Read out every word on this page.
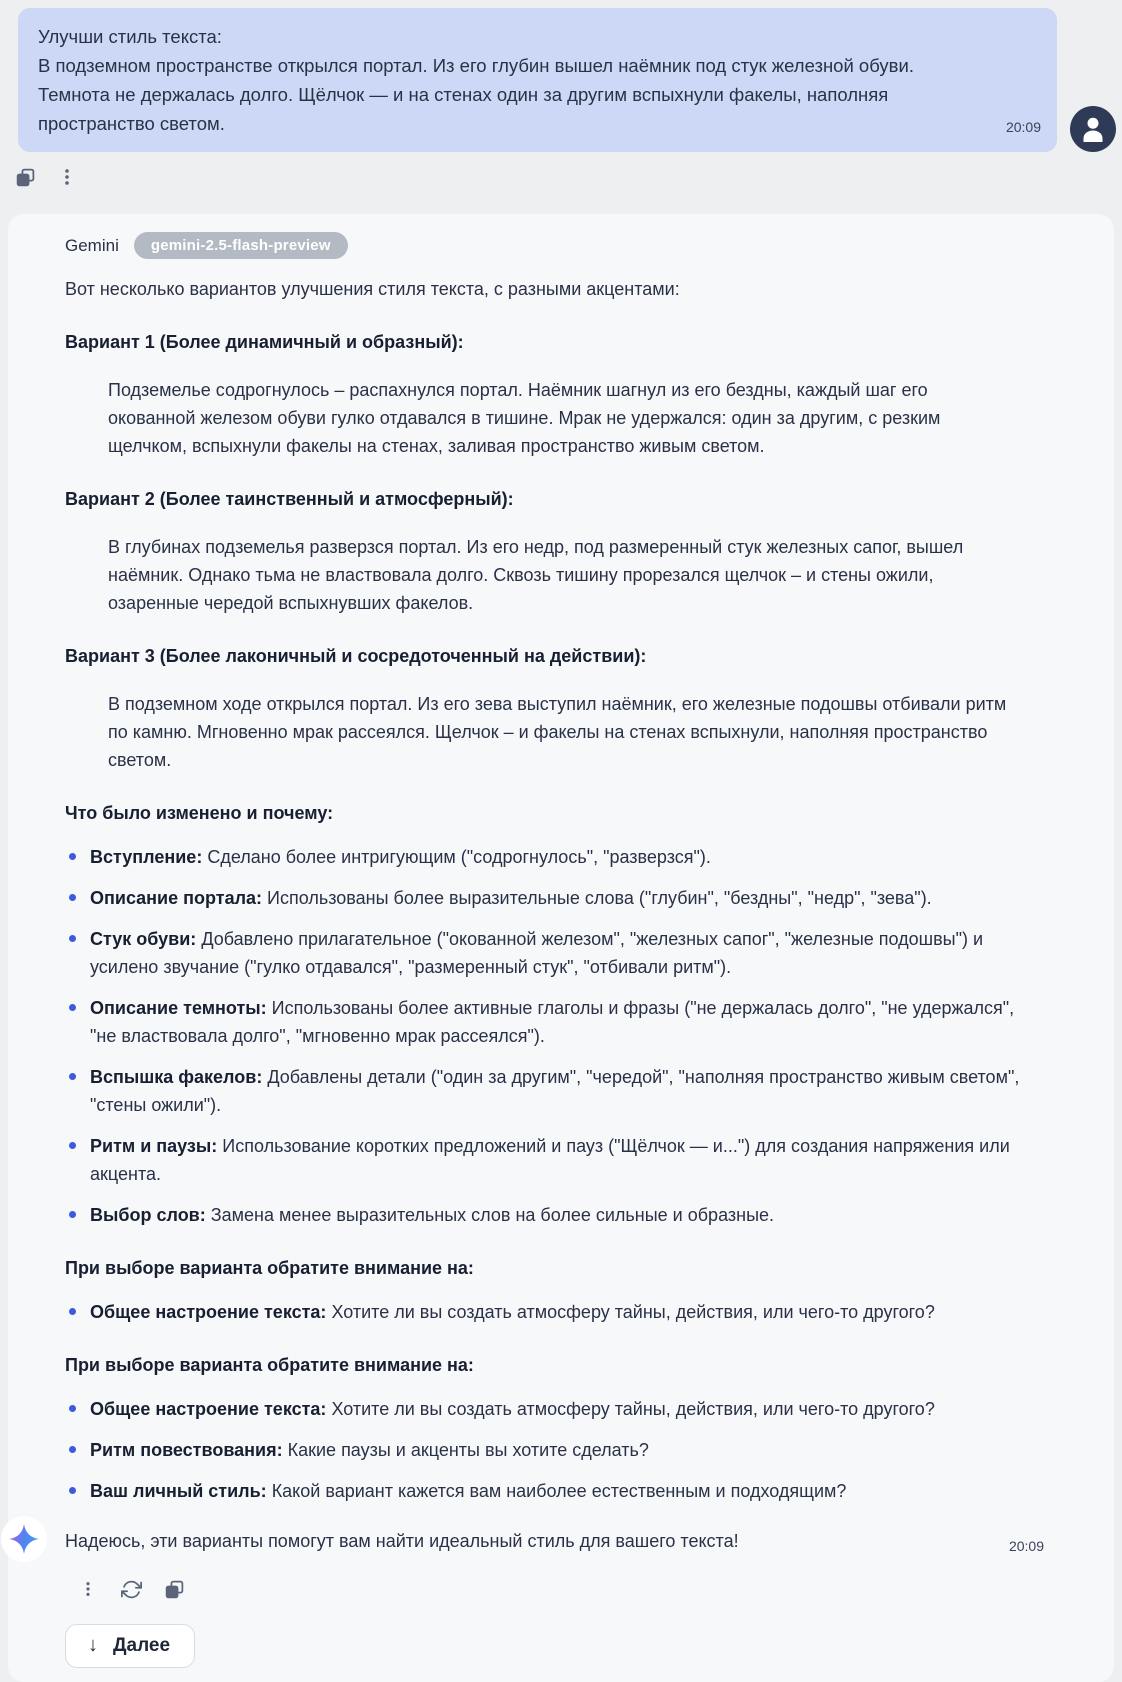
Улучши стиль текста:
В подземном пространстве открылся портал. Из его глубин вышел наёмник под стук железной обуви. Темнота не держалась долго. Щёлчок — и на стенах один за другим вспыхнули факелы, наполняя пространство светом.	20:09
Gemini	gemini-2.5-flash-preview

Вот несколько вариантов улучшения стиля текста, с разными акцентами:

Вариант 1 (Более динамичный и образный):
Подземелье содрогнулось – распахнулся портал. Наёмник шагнул из его бездны, каждый шаг его окованной железом обуви гулко отдавался в тишине. Мрак не удержался: один за другим, с резким щелчком, вспыхнули факелы на стенах, заливая пространство живым светом.
Вариант 2 (Более таинственный и атмосферный):
В глубинах подземелья разверзся портал. Из его недр, под размеренный стук железных сапог, вышел наёмник. Однако тьма не властвовала долго. Сквозь тишину прорезался щелчок – и стены ожили, озаренные чередой вспыхнувших факелов.
Вариант 3 (Более лаконичный и сосредоточенный на действии):
В подземном ходе открылся портал. Из его зева выступил наёмник, его железные подошвы отбивали ритм по камню. Мгновенно мрак рассеялся. Щелчок – и факелы на стенах вспыхнули, наполняя пространство светом.
Что было изменено и почему:
Вступление: Сделано более интригующим ("содрогнулось", "разверзся").
Описание портала: Использованы более выразительные слова ("глубин", "бездны", "недр", "зева").
Стук обуви: Добавлено прилагательное ("окованной железом", "железных сапог", "железные подошвы") и усилено звучание ("гулко отдавался", "размеренный стук", "отбивали ритм").
Описание темноты: Использованы более активные глаголы и фразы ("не держалась долго", "не удержался", "не властвовала долго", "мгновенно мрак рассеялся").
Вспышка факелов: Добавлены детали ("один за другим", "чередой", "наполняя пространство живым светом", "стены ожили").
Ритм и паузы: Использование коротких предложений и пауз ("Щёлчок — и...") для создания напряжения или акцента.
Выбор слов: Замена менее выразительных слов на более сильные и образные.
При выборе варианта обратите внимание на:
Общее настроение текста: Хотите ли вы создать атмосферу тайны, действия, или чего-то другого?
При выборе варианта обратите внимание на:
Общее настроение текста: Хотите ли вы создать атмосферу тайны, действия, или чего-то другого?
Ритм повествования: Какие паузы и акценты вы хотите сделать?
Ваш личный стиль: Какой вариант кажется вам наиболее естественным и подходящим?
Надеюсь, эти варианты помогут вам найти идеальный стиль для вашего текста!	20:09
↓ Далее
